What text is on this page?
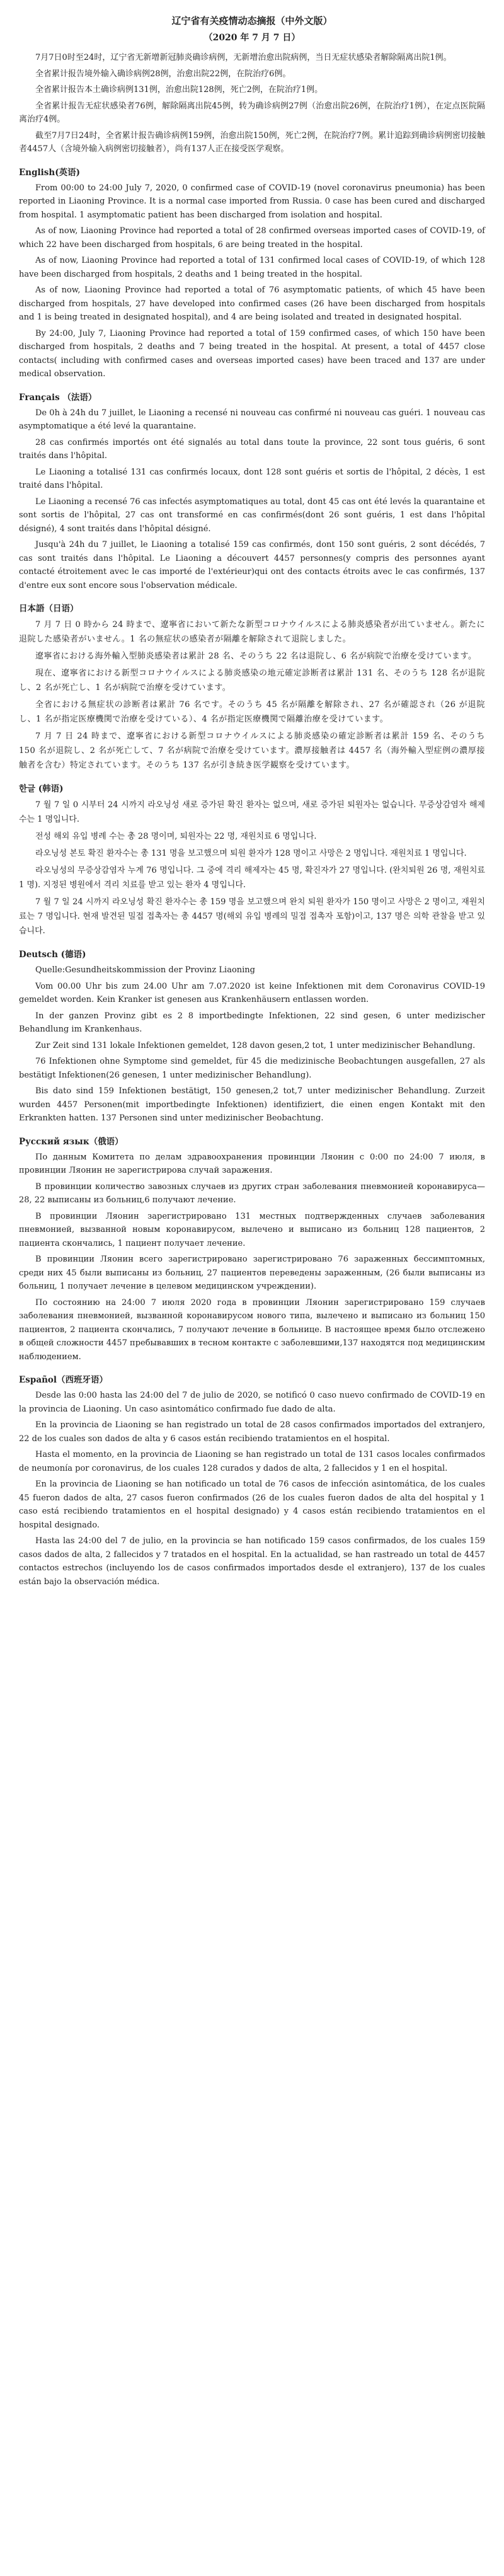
辽宁省有关疫情动态摘报（中外文版）
（2020 年 7 月 7 日）

7月7日0时至24时，辽宁省无新增新冠肺炎确诊病例，无新增治愈出院病例，当日无症状感染者解除隔离出院1例。

全省累计报告境外输入确诊病例28例，治愈出院22例，在院治疗6例。

全省累计报告本土确诊病例131例，治愈出院128例，死亡2例，在院治疗1例。

全省累计报告无症状感染者76例，解除隔离出院45例，转为确诊病例27例（治愈出院26例，在院治疗1例），在定点医院隔离治疗4例。

截至7月7日24时，全省累计报告确诊病例159例，治愈出院150例，死亡2例，在院治疗7例。累计追踪到确诊病例密切接触者4457人（含境外输入病例密切接触者），尚有137人正在接受医学观察。

English(英语)

From 00:00 to 24:00 July 7, 2020, 0 confirmed case of COVID-19 (novel coronavirus pneumonia) has been reported in Liaoning Province. It is a normal case imported from Russia. 0 case has been cured and discharged from hospital. 1 asymptomatic patient has been discharged from isolation and hospital.

As of now, Liaoning Province had reported a total of 28 confirmed overseas imported cases of COVID-19, of which 22 have been discharged from hospitals, 6 are being treated in the hospital.

As of now, Liaoning Province had reported a total of 131 confirmed local cases of COVID-19, of which 128 have been discharged from hospitals, 2 deaths and 1 being treated in the hospital.

As of now, Liaoning Province had reported a total of 76 asymptomatic patients, of which 45 have been discharged from hospitals, 27 have developed into confirmed cases (26 have been discharged from hospitals and 1 is being treated in designated hospital), and 4 are being isolated and treated in designated hospital.

By 24:00, July 7, Liaoning Province had reported a total of 159 confirmed cases, of which 150 have been discharged from hospitals, 2 deaths and 7 being treated in the hospital. At present, a total of 4457 close contacts( including with confirmed cases and overseas imported cases) have been traced and 137 are under medical observation.

Français （法语）

De 0h à 24h du 7 juillet, le Liaoning a recensé ni nouveau cas confirmé ni nouveau cas guéri. 1 nouveau cas asymptomatique a été levé la quarantaine.

28 cas confirmés importés ont été signalés au total dans toute la province, 22 sont tous guéris, 6 sont traités dans l'hôpital.

Le Liaoning a totalisé 131 cas confirmés locaux, dont 128 sont guéris et sortis de l'hôpital, 2 décès, 1 est traité dans l'hôpital.

Le Liaoning a recensé 76 cas infectés asymptomatiques au total, dont 45 cas ont été levés la quarantaine et sont sortis de l'hôpital, 27 cas ont transformé en cas confirmés(dont 26 sont guéris, 1 est dans l'hôpital désigné), 4 sont traités dans l'hôpital désigné.

Jusqu'à 24h du 7 juillet, le Liaoning a totalisé 159 cas confirmés, dont 150 sont guéris, 2 sont décédés, 7 cas sont traités dans l'hôpital. Le Liaoning a découvert 4457 personnes(y compris des personnes ayant contacté étroitement avec le cas importé de l'extérieur)qui ont des contacts étroits avec le cas confirmés, 137 d'entre eux sont encore sous l'observation médicale.

日本語（日语）

7 月 7 日 0 時から 24 時まで、遼寧省において新たな新型コロナウイルスによる肺炎感染者が出ていません。新たに退院した感染者がいません。1 名の無症状の感染者が隔離を解除されて退院しました。

遼寧省における海外輸入型肺炎感染者は累計 28 名、そのうち 22 名は退院し、6 名が病院で治療を受けています。

現在、遼寧省における新型コロナウイルスによる肺炎感染の地元確定診断者は累計 131 名、そのうち 128 名が退院し、2 名が死亡し、1 名が病院で治療を受けています。

全省における無症状の診断者は累計 76 名です。そのうち 45 名が隔離を解除され、27 名が確認され（26 が退院し、1 名が指定医療機関で治療を受けている）、4 名が指定医療機関で隔離治療を受けています。

7 月 7 日 24 時まで、遼寧省における新型コロナウイルスによる肺炎感染の確定診断者は累計 159 名、そのうち 150 名が退院し、2 名が死亡して、7 名が病院で治療を受けています。濃厚接触者は 4457 名（海外輸入型症例の濃厚接触者を含む）特定されています。そのうち 137 名が引き続き医学観察を受けています。

한글 (韩语)

7 월 7 일 0 시부터 24 시까지 라오닝성 새로 증가된 확진 환자는 없으며, 새로 증가된 퇴원자는 없습니다. 무증상감염자 해제수는 1 명입니다.

전성 해외 유입 병례 수는 총 28 명이며, 퇴원자는 22 명, 재원치료 6 명입니다.

라오닝성 본토 확진 환자수는 총 131 명을 보고했으며 퇴원 환자가 128 명이고 사망은 2 명입니다. 재원치료 1 명입니다.

라오닝성의 무증상감염자 누계 76 명입니다. 그 중에 격리 해제자는 45 명, 확진자가 27 명입니다. (완치퇴원 26 명, 재원치료 1 명). 지정된 병원에서 격리 치료를 받고 있는 환자 4 명입니다.

7 월 7 일 24 시까지 라오닝성 확진 환자수는 총 159 명을 보고했으며 완치 퇴원 환자가 150 명이고 사망은 2 명이고, 재원치료는 7 명입니다. 현재 발견된 밀접 접촉자는 총 4457 명(해외 유입 병례의 밀접 접촉자 포함)이고, 137 명은 의학 관찰을 받고 있습니다.

Deutsch (德语)

Quelle:Gesundheitskommission der Provinz Liaoning

Vom 00.00 Uhr bis zum 24.00 Uhr am 7.07.2020 ist keine Infektionen mit dem Coronavirus COVID-19 gemeldet worden. Kein Kranker ist genesen aus Krankenhäusern entlassen worden.

In der ganzen Provinz gibt es 2 8 importbedingte Infektionen, 22 sind gesen, 6 unter medizischer Behandlung im Krankenhaus.

Zur Zeit sind 131 lokale Infektionen gemeldet, 128 davon gesen,2 tot, 1 unter medizinischer Behandlung.

76 Infektionen ohne Symptome sind gemeldet, für 45 die medizinische Beobachtungen ausgefallen, 27 als bestätigt Infektionen(26 genesen, 1 unter medizinischer Behandlung).

Bis dato sind 159 Infektionen bestätigt, 150 genesen,2 tot,7 unter medizinischer Behandlung. Zurzeit wurden 4457 Personen(mit importbedingte Infektionen) identifiziert, die einen engen Kontakt mit den Erkrankten hatten. 137 Personen sind unter medizinischer Beobachtung.

Русский язык（俄语）

По данным Комитета по делам здравоохранения провинции Ляонин с 0:00 по 24:00 7 июля, в провинции Ляонин не зарегистрирова случай заражения.

В провинции количество завозных случаев из других стран заболевания пневмонией коронавируса—28, 22 выписаны из больниц,6 получают лечение.

В провинции Ляонин зарегистрировано 131 местных подтвержденных случаев заболевания пневмонией, вызванной новым коронавирусом, вылечено и выписано из больниц 128 пациентов, 2 пациента скончались, 1 пациент получает лечение.

В провинции Ляонин всего зарегистрировано зарегистрировано 76 зараженных бессимптомных, среди них 45 были выписаны из больниц, 27 пациентов переведены зараженным, (26 были выписаны из больниц, 1 получает лечение в целевом медицинском учреждении).

По состоянию на 24:00 7 июля 2020 года в провинции Ляонин зарегистрировано 159 случаев заболевания пневмонией, вызванной коронавирусом нового типа, вылечено и выписано из больниц 150 пациентов, 2 пациента скончались, 7 получают лечение в больнице. В настоящее время было отслежено в общей сложности 4457 пребывавших в тесном контакте с заболевшими,137 находятся под медицинским наблюдением.

Español（西班牙语）

Desde las 0:00 hasta las 24:00 del 7 de julio de 2020, se notificó 0 caso nuevo confirmado de COVID-19 en la provincia de Liaoning. Un caso asintomático confirmado fue dado de alta.

En la provincia de Liaoning se han registrado un total de 28 casos confirmados importados del extranjero, 22 de los cuales son dados de alta y 6 casos están recibiendo tratamientos en el hospital.

Hasta el momento, en la provincia de Liaoning se han registrado un total de 131 casos locales confirmados de neumonía por coronavirus, de los cuales 128 curados y dados de alta, 2 fallecidos y 1 en el hospital.

En la provincia de Liaoning se han notificado un total de 76 casos de infección asintomática, de los cuales 45 fueron dados de alta, 27 casos fueron confirmados (26 de los cuales fueron dados de alta del hospital y 1 caso está recibiendo tratamientos en el hospital designado) y 4 casos están recibiendo tratamientos en el hospital designado.

Hasta las 24:00 del 7 de julio, en la provincia se han notificado 159 casos confirmados, de los cuales 159 casos dados de alta, 2 fallecidos y 7 tratados en el hospital. En la actualidad, se han rastreado un total de 4457 contactos estrechos (incluyendo los de casos confirmados importados desde el extranjero), 137 de los cuales están bajo la observación médica.
